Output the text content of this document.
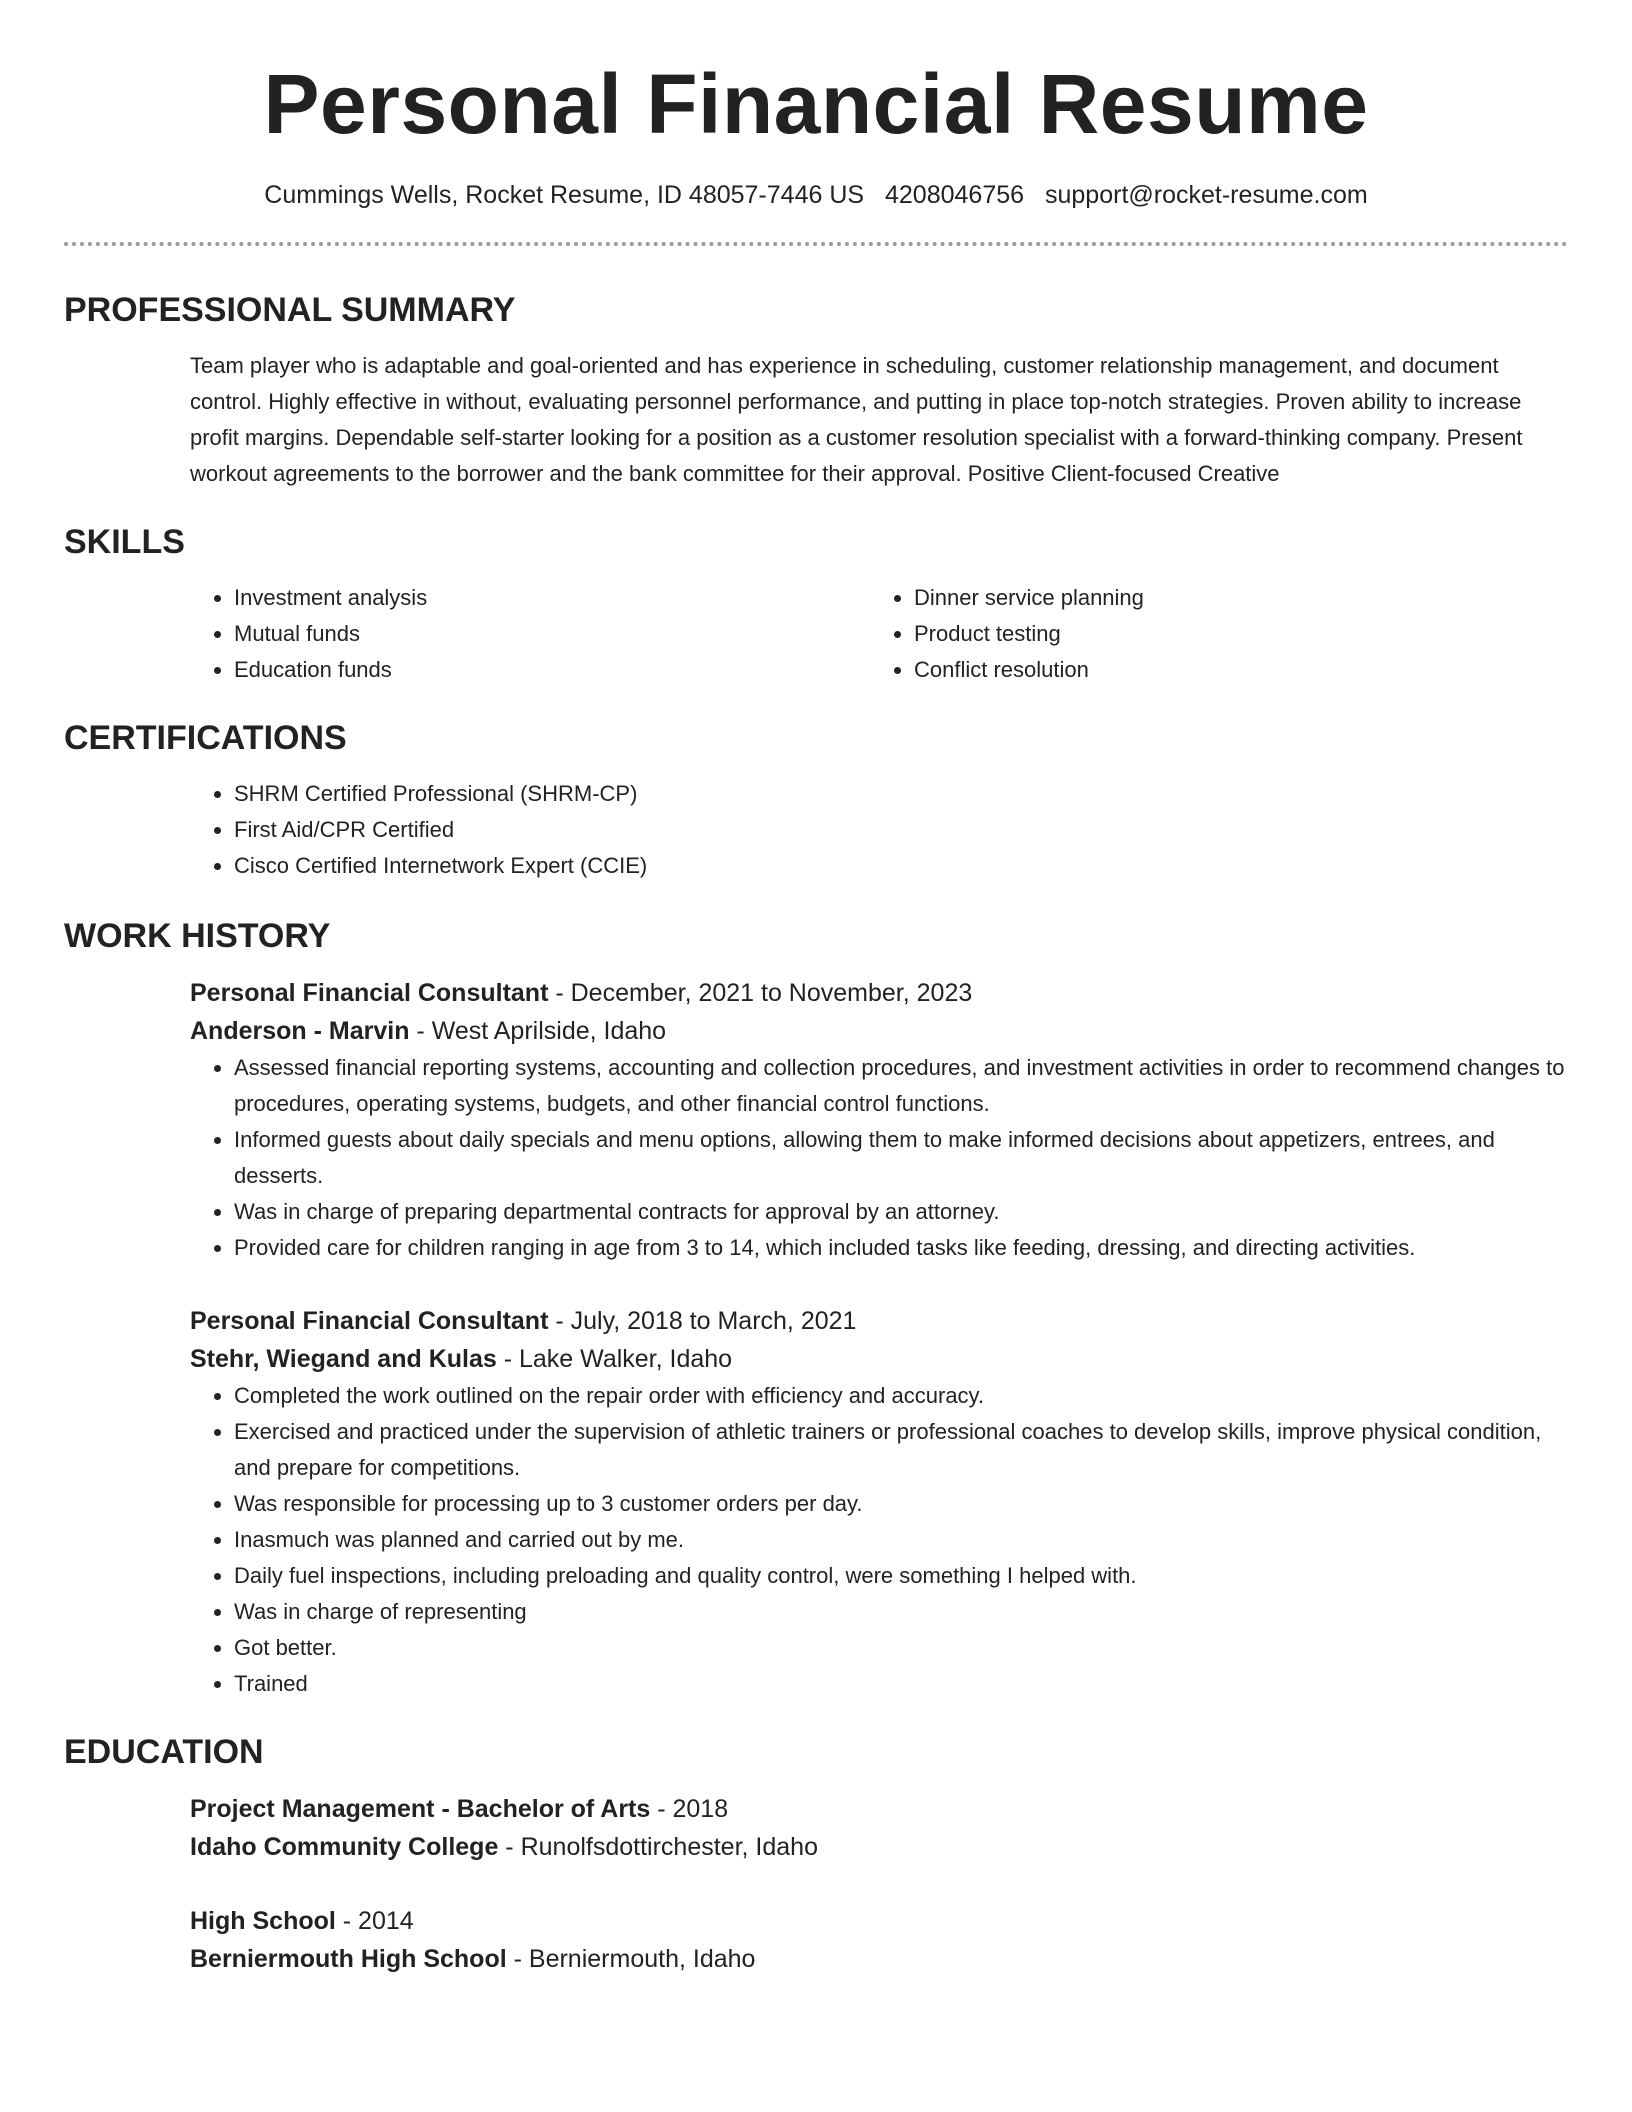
Personal Financial Resume
Cummings Wells, Rocket Resume, ID 48057-7446 US 4208046756 support@rocket-resume.com
PROFESSIONAL SUMMARY
Team player who is adaptable and goal-oriented and has experience in scheduling, customer relationship management, and document control. Highly effective in without, evaluating personnel performance, and putting in place top-notch strategies. Proven ability to increase profit margins. Dependable self-starter looking for a position as a customer resolution specialist with a forward-thinking company. Present workout agreements to the borrower and the bank committee for their approval. Positive Client-focused Creative
SKILLS
• Investment analysis
• Mutual funds
• Education funds
• Dinner service planning
• Product testing
• Conflict resolution
CERTIFICATIONS
• SHRM Certified Professional (SHRM-CP)
• First Aid/CPR Certified
• Cisco Certified Internetwork Expert (CCIE)
WORK HISTORY
Personal Financial Consultant - December, 2021 to November, 2023
Anderson - Marvin - West Aprilside, Idaho
• Assessed financial reporting systems, accounting and collection procedures, and investment activities in order to recommend changes to procedures, operating systems, budgets, and other financial control functions.
• Informed guests about daily specials and menu options, allowing them to make informed decisions about appetizers, entrees, and desserts.
• Was in charge of preparing departmental contracts for approval by an attorney.
• Provided care for children ranging in age from 3 to 14, which included tasks like feeding, dressing, and directing activities.
Personal Financial Consultant - July, 2018 to March, 2021
Stehr, Wiegand and Kulas - Lake Walker, Idaho
• Completed the work outlined on the repair order with efficiency and accuracy.
• Exercised and practiced under the supervision of athletic trainers or professional coaches to develop skills, improve physical condition, and prepare for competitions.
• Was responsible for processing up to 3 customer orders per day.
• Inasmuch was planned and carried out by me.
• Daily fuel inspections, including preloading and quality control, were something I helped with.
• Was in charge of representing
• Got better.
• Trained
EDUCATION
Project Management - Bachelor of Arts - 2018
Idaho Community College - Runolfsdottirchester, Idaho
High School - 2014
Berniermouth High School - Berniermouth, Idaho
